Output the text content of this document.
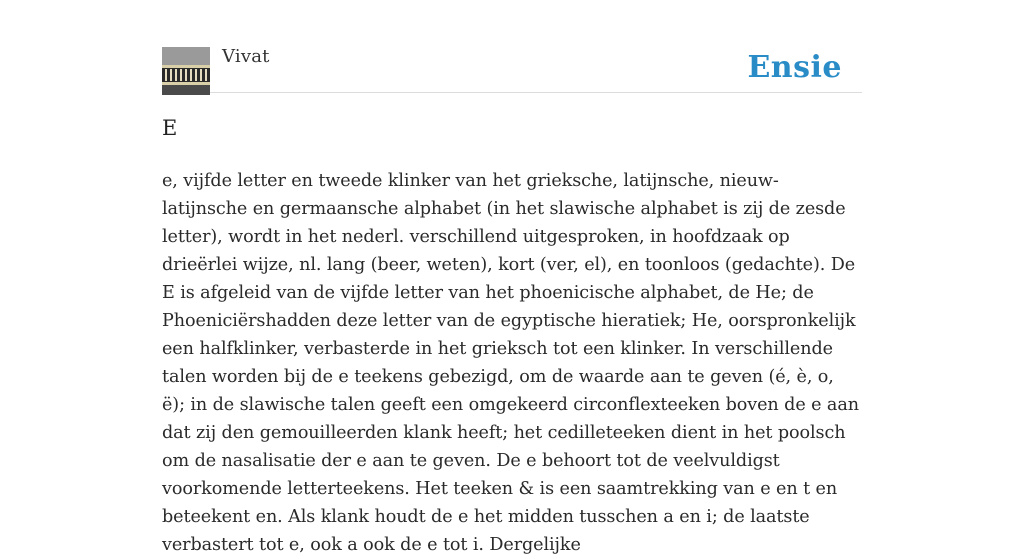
Vivat	Ensie
E

e, vijfde letter en tweede klinker van het grieksche, latijnsche, nieuw-latijnsche en germaansche alphabet (in het slawische alphabet is zij de zesde letter), wordt in het nederl. verschillend uitgesproken, in hoofdzaak op drieërlei wijze, nl. lang (beer, weten), kort (ver, el), en toonloos (gedachte). De E is afgeleid van de vijfde letter van het phoenicische alphabet, de He; de Phoeniciërshadden deze letter van de egyptische hieratiek; He, oorspronkelijk een halfklinker, verbasterde in het grieksch tot een klinker. In verschillende talen worden bij de e teekens gebezigd, om de waarde aan te geven (é, è, o, ë); in de slawische talen geeft een omgekeerd circonflexteeken boven de e aan dat zij den gemouilleerden klank heeft; het cedilleteeken dient in het poolsch om de nasalisatie der e aan te geven. De e behoort tot de veelvuldigst voorkomende letterteekens. Het teeken & is een saamtrekking van e en t en beteekent en. Als klank houdt de e het midden tusschen a en i; de laatste verbastert tot e, ook a ook de e tot i. Dergelijke
